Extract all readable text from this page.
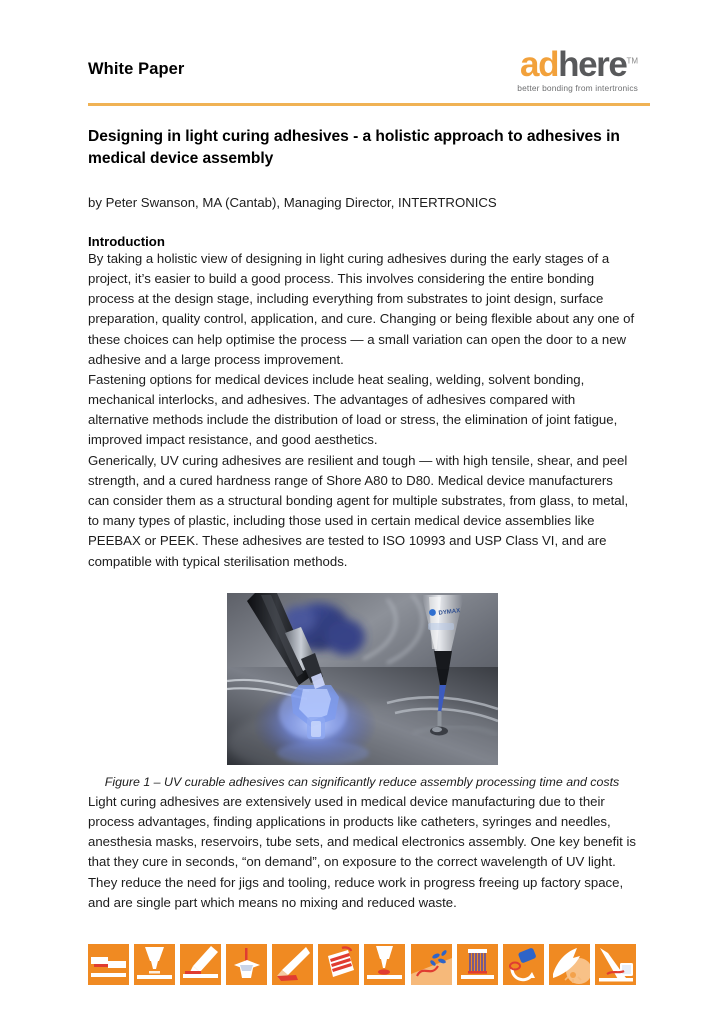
White Paper	adhere™
better bonding from intertronics
Designing in light curing adhesives - a holistic approach to adhesives in medical device assembly
by Peter Swanson, MA (Cantab), Managing Director, INTERTRONICS
Introduction

By taking a holistic view of designing in light curing adhesives during the early stages of a project, it’s easier to build a good process. This involves considering the entire bonding process at the design stage, including everything from substrates to joint design, surface preparation, quality control, application, and cure. Changing or being flexible about any one of these choices can help optimise the process — a small variation can open the door to a new adhesive and a large process improvement.

Fastening options for medical devices include heat sealing, welding, solvent bonding, mechanical interlocks, and adhesives. The advantages of adhesives compared with alternative methods include the distribution of load or stress, the elimination of joint fatigue, improved impact resistance, and good aesthetics.

Generically, UV curing adhesives are resilient and tough — with high tensile, shear, and peel strength, and a cured hardness range of Shore A80 to D80. Medical device manufacturers can consider them as a structural bonding agent for multiple substrates, from glass, to metal, to many types of plastic, including those used in certain medical device assemblies like PEEBAX or PEEK. These adhesives are tested to ISO 10993 and USP Class VI, and are compatible with typical sterilisation methods.

DYMAX
Figure 1 – UV curable adhesives can significantly reduce assembly processing time and costs

Light curing adhesives are extensively used in medical device manufacturing due to their process advantages, finding applications in products like catheters, syringes and needles, anesthesia masks, reservoirs, tube sets, and medical electronics assembly. One key benefit is that they cure in seconds, “on demand”, on exposure to the correct wavelength of UV light. They reduce the need for jigs and tooling, reduce work in progress freeing up factory space, and are single part which means no mixing and reduced waste.
